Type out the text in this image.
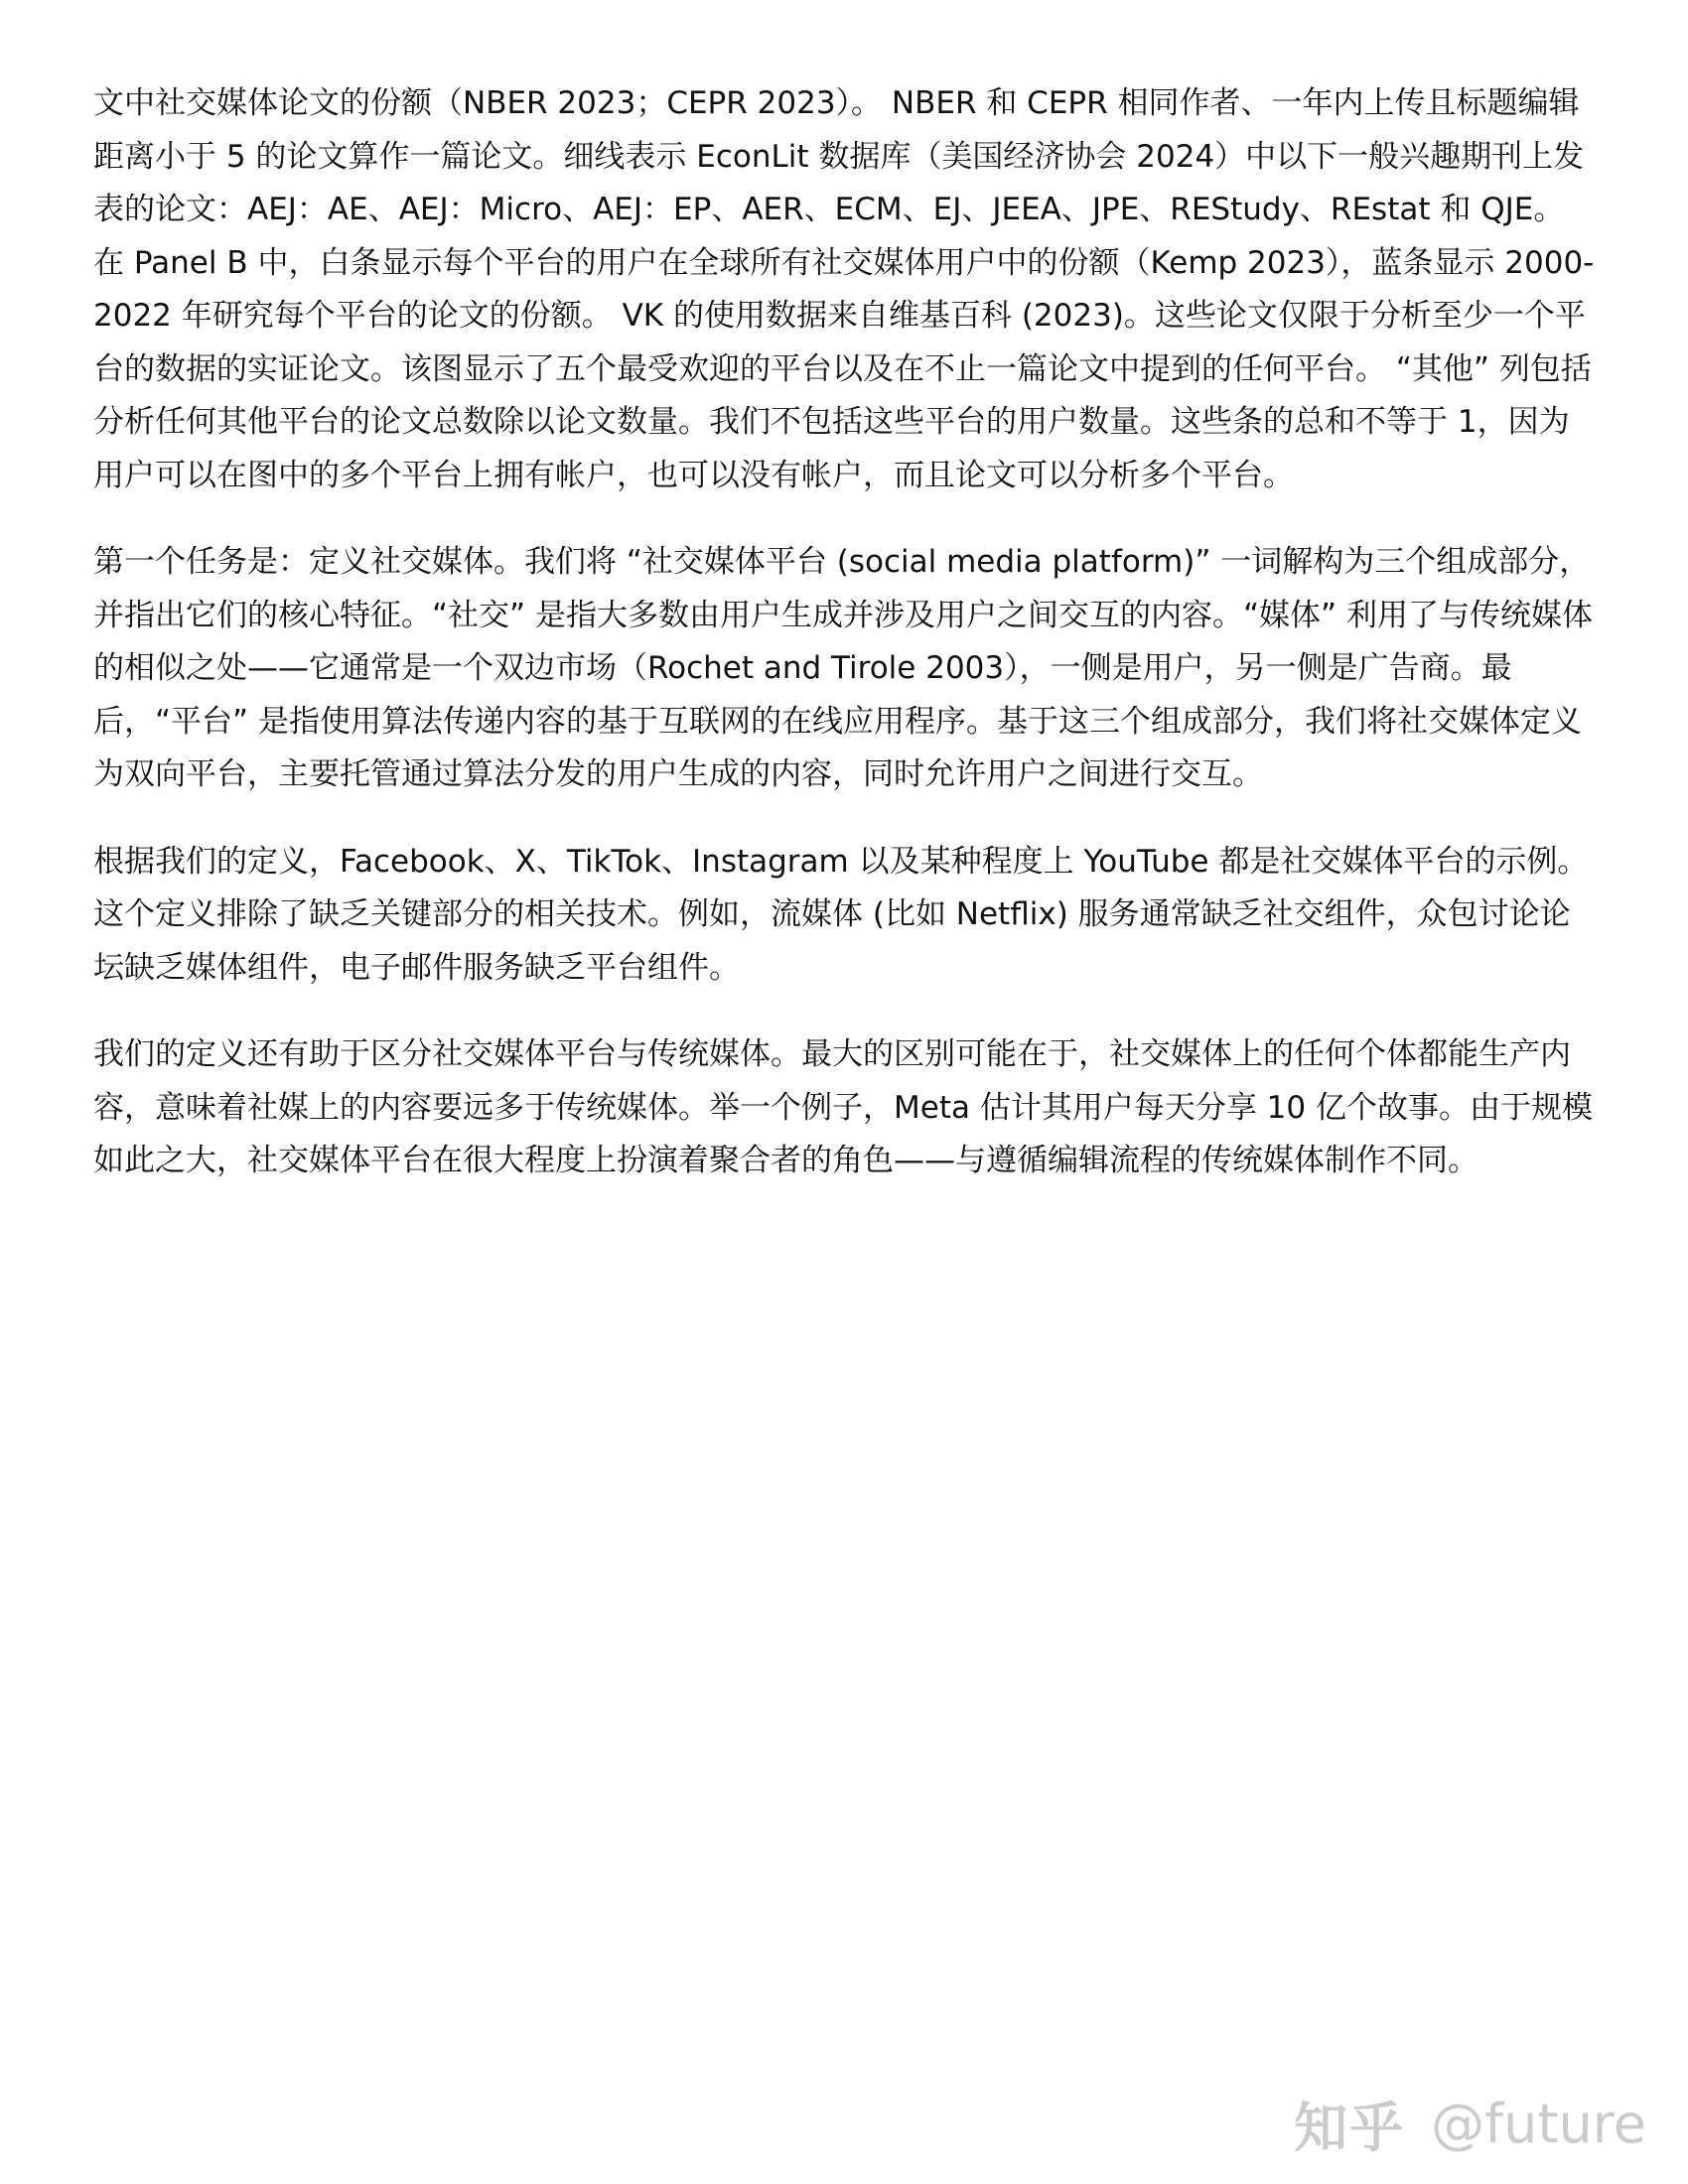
文中社交媒体论文的份额（NBER 2023；CEPR 2023）。 NBER 和 CEPR 相同作者、一年内上传且标题编辑距离小于 5 的论文算作一篇论文。细线表示 EconLit 数据库（美国经济协会 2024）中以下一般兴趣期刊上发表的论文：AEJ：AE、AEJ：Micro、AEJ：EP、AER、ECM、EJ、JEEA、JPE、REStudy、REstat 和 QJE。在 Panel B 中，白条显示每个平台的用户在全球所有社交媒体用户中的份额（Kemp 2023），蓝条显示 2000-2022 年研究每个平台的论文的份额。 VK 的使用数据来自维基百科 (2023)。这些论文仅限于分析至少一个平台的数据的实证论文。该图显示了五个最受欢迎的平台以及在不止一篇论文中提到的任何平台。 “其他” 列包括分析任何其他平台的论文总数除以论文数量。我们不包括这些平台的用户数量。这些条的总和不等于 1，因为用户可以在图中的多个平台上拥有帐户，也可以没有帐户，而且论文可以分析多个平台。

第一个任务是：定义社交媒体。我们将 “社交媒体平台 (social media platform)” 一词解构为三个组成部分，并指出它们的核心特征。“社交” 是指大多数由用户生成并涉及用户之间交互的内容。“媒体” 利用了与传统媒体的相似之处——它通常是一个双边市场（Rochet and Tirole 2003），一侧是用户，另一侧是广告商。最后，“平台” 是指使用算法传递内容的基于互联网的在线应用程序。基于这三个组成部分，我们将社交媒体定义为双向平台，主要托管通过算法分发的用户生成的内容，同时允许用户之间进行交互。

根据我们的定义，Facebook、X、TikTok、Instagram 以及某种程度上 YouTube 都是社交媒体平台的示例。这个定义排除了缺乏关键部分的相关技术。例如，流媒体 (比如 Netflix) 服务通常缺乏社交组件，众包讨论论坛缺乏媒体组件，电子邮件服务缺乏平台组件。

我们的定义还有助于区分社交媒体平台与传统媒体。最大的区别可能在于，社交媒体上的任何个体都能生产内容，意味着社媒上的内容要远多于传统媒体。举一个例子，Meta 估计其用户每天分享 10 亿个故事。由于规模如此之大，社交媒体平台在很大程度上扮演着聚合者的角色——与遵循编辑流程的传统媒体制作不同。

知乎 @future
